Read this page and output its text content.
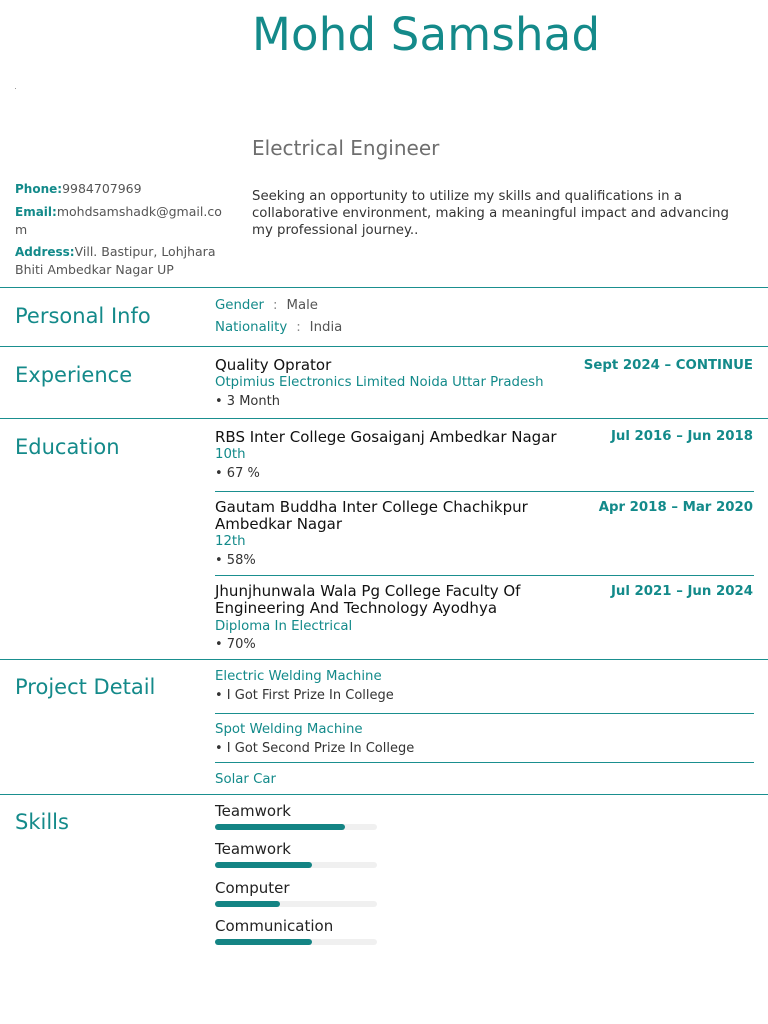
Mohd Samshad
Electrical Engineer
Phone:9984707969
Email:mohdsamshadk@gmail.com
Address:Vill. Bastipur, Lohjhara Bhiti Ambedkar Nagar UP
Seeking an opportunity to utilize my skills and qualifications in a collaborative environment, making a meaningful impact and advancing my professional journey..
Personal Info	Gender : Male
Nationality : India
Experience	Quality Oprator	Sept 2024 – CONTINUE
Otpimius Electronics Limited Noida Uttar Pradesh
• 3 Month
Education	RBS Inter College Gosaiganj Ambedkar Nagar	Jul 2016 – Jun 2018
10th
• 67 %
Gautam Buddha Inter College Chachikpur Ambedkar Nagar
Apr 2018 – Mar 2020
12th
• 58%
Jhunjhunwala Wala Pg College Faculty Of Engineering And Technology Ayodhya
Jul 2021 – Jun 2024
Diploma In Electrical
• 70%
Project Detail	Electric Welding Machine
• I Got First Prize In College
Spot Welding Machine
• I Got Second Prize In College
Solar Car
Skills	Teamwork
Teamwork
Computer
Communication
